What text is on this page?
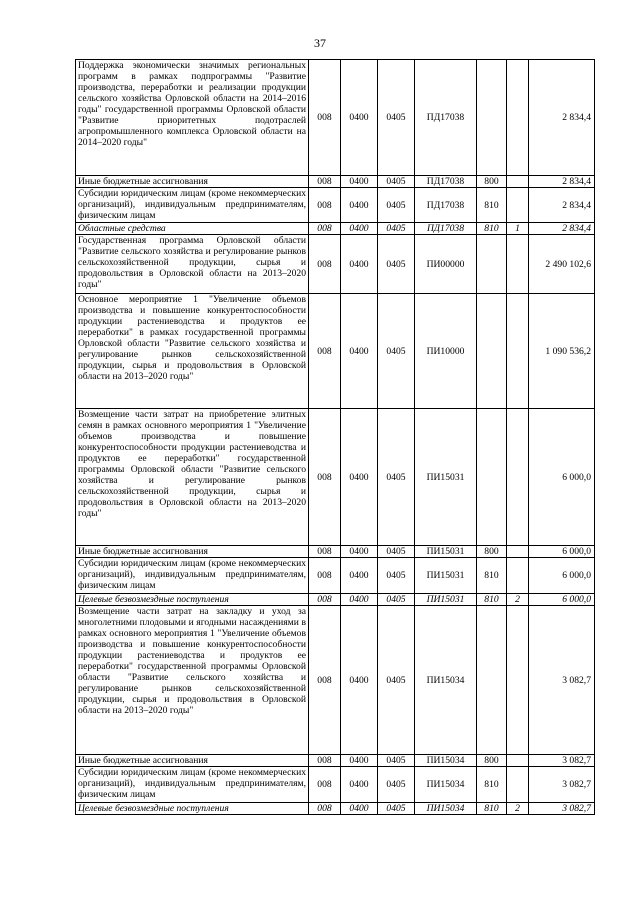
37
Поддержка экономически значимых региональных программ в рамках подпрограммы "Развитие производства, переработки и реализации продукции сельского хозяйства Орловской области на 2014–2016 годы" государственной программы Орловской области "Развитие приоритетных подотраслей агропромышленного комплекса Орловской области на 2014–2020 годы"	008	0400	0405	ПД17038			2 834,4
Иные бюджетные ассигнования	008	0400	0405	ПД17038	800		2 834,4
Субсидии юридическим лицам (кроме некоммерческих организаций), индивидуальным предпринимателям, физическим лицам	008	0400	0405	ПД17038	810		2 834,4
Областные средства	008	0400	0405	ПД17038	810	1	2 834,4
Государственная программа Орловской области "Развитие сельского хозяйства и регулирование рынков сельскохозяйственной продукции, сырья и продовольствия в Орловской области на 2013–2020 годы"	008	0400	0405	ПИ00000			2 490 102,6
Основное мероприятие 1 "Увеличение объемов производства и повышение конкурентоспособности продукции растениеводства и продуктов ее переработки" в рамках государственной программы Орловской области "Развитие сельского хозяйства и регулирование рынков сельскохозяйственной продукции, сырья и продовольствия в Орловской области на 2013–2020 годы"	008	0400	0405	ПИ10000			1 090 536,2
Возмещение части затрат на приобретение элитных семян в рамках основного мероприятия 1 "Увеличение объемов производства и повышение конкурентоспособности продукции растениеводства и продуктов ее переработки" государственной программы Орловской области "Развитие сельского хозяйства и регулирование рынков сельскохозяйственной продукции, сырья и продовольствия в Орловской области на 2013–2020 годы"	008	0400	0405	ПИ15031			6 000,0
Иные бюджетные ассигнования	008	0400	0405	ПИ15031	800		6 000,0
Субсидии юридическим лицам (кроме некоммерческих организаций), индивидуальным предпринимателям, физическим лицам	008	0400	0405	ПИ15031	810		6 000,0
Целевые безвозмездные поступления	008	0400	0405	ПИ15031	810	2	6 000,0
Возмещение части затрат на закладку и уход за многолетними плодовыми и ягодными насаждениями в рамках основного мероприятия 1 "Увеличение объемов производства и повышение конкурентоспособности продукции растениеводства и продуктов ее переработки" государственной программы Орловской области "Развитие сельского хозяйства и регулирование рынков сельскохозяйственной продукции, сырья и продовольствия в Орловской области на 2013–2020 годы"	008	0400	0405	ПИ15034			3 082,7
Иные бюджетные ассигнования	008	0400	0405	ПИ15034	800		3 082,7
Субсидии юридическим лицам (кроме некоммерческих организаций), индивидуальным предпринимателям, физическим лицам	008	0400	0405	ПИ15034	810		3 082,7
Целевые безвозмездные поступления	008	0400	0405	ПИ15034	810	2	3 082,7
